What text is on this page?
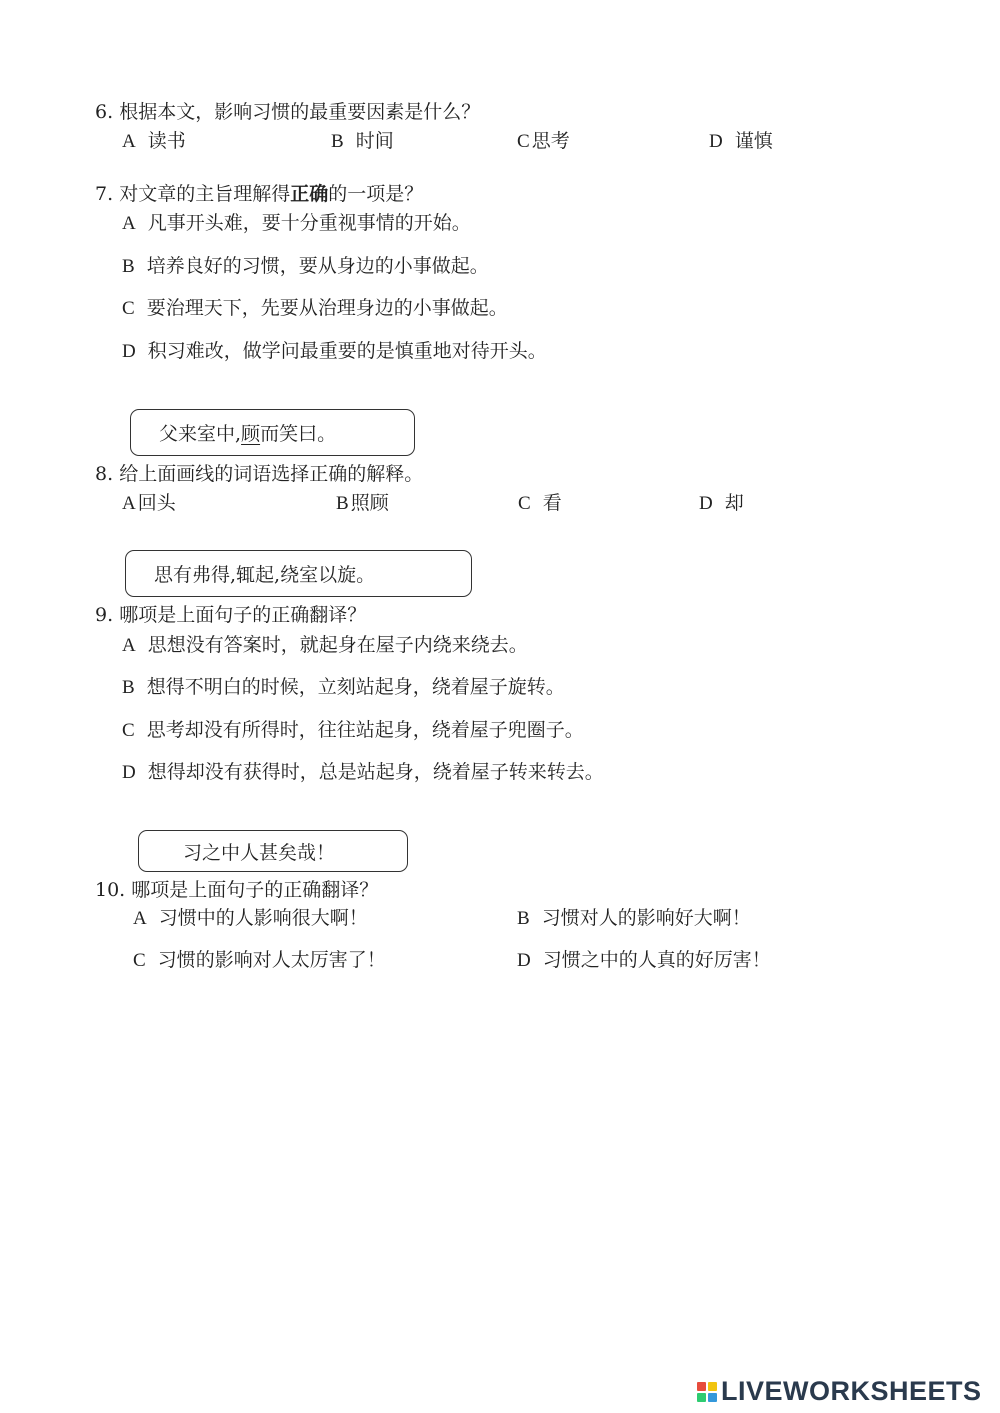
6. 根据本文，影响习惯的最重要因素是什么？
A 读书	B 时间	C 思考	D 谨慎
7. 对文章的主旨理解得正确的一项是？
A 凡事开头难，要十分重视事情的开始。
B 培养良好的习惯，要从身边的小事做起。
C 要治理天下，先要从治理身边的小事做起。
D 积习难改，做学问最重要的是慎重地对待开头。
父来室中, 顾 而笑曰。
8. 给上面画线的词语选择正确的解释。
A 回头	B 照顾	C 看	D 却
思有弗得,辄起,绕室以旋。
9. 哪项是上面句子的正确翻译？
A 思想没有答案时，就起身在屋子内绕来绕去。
B 想得不明白的时候，立刻站起身，绕着屋子旋转。
C 思考却没有所得时，往往站起身，绕着屋子兜圈子。
D 想得却没有获得时，总是站起身，绕着屋子转来转去。
习之中人甚矣哉！
10. 哪项是上面句子的正确翻译？
A 习惯中的人影响很大啊！	B 习惯对人的影响好大啊！
C 习惯的影响对人太厉害了！	D 习惯之中的人真的好厉害！
LIVEWORKSHEETS
